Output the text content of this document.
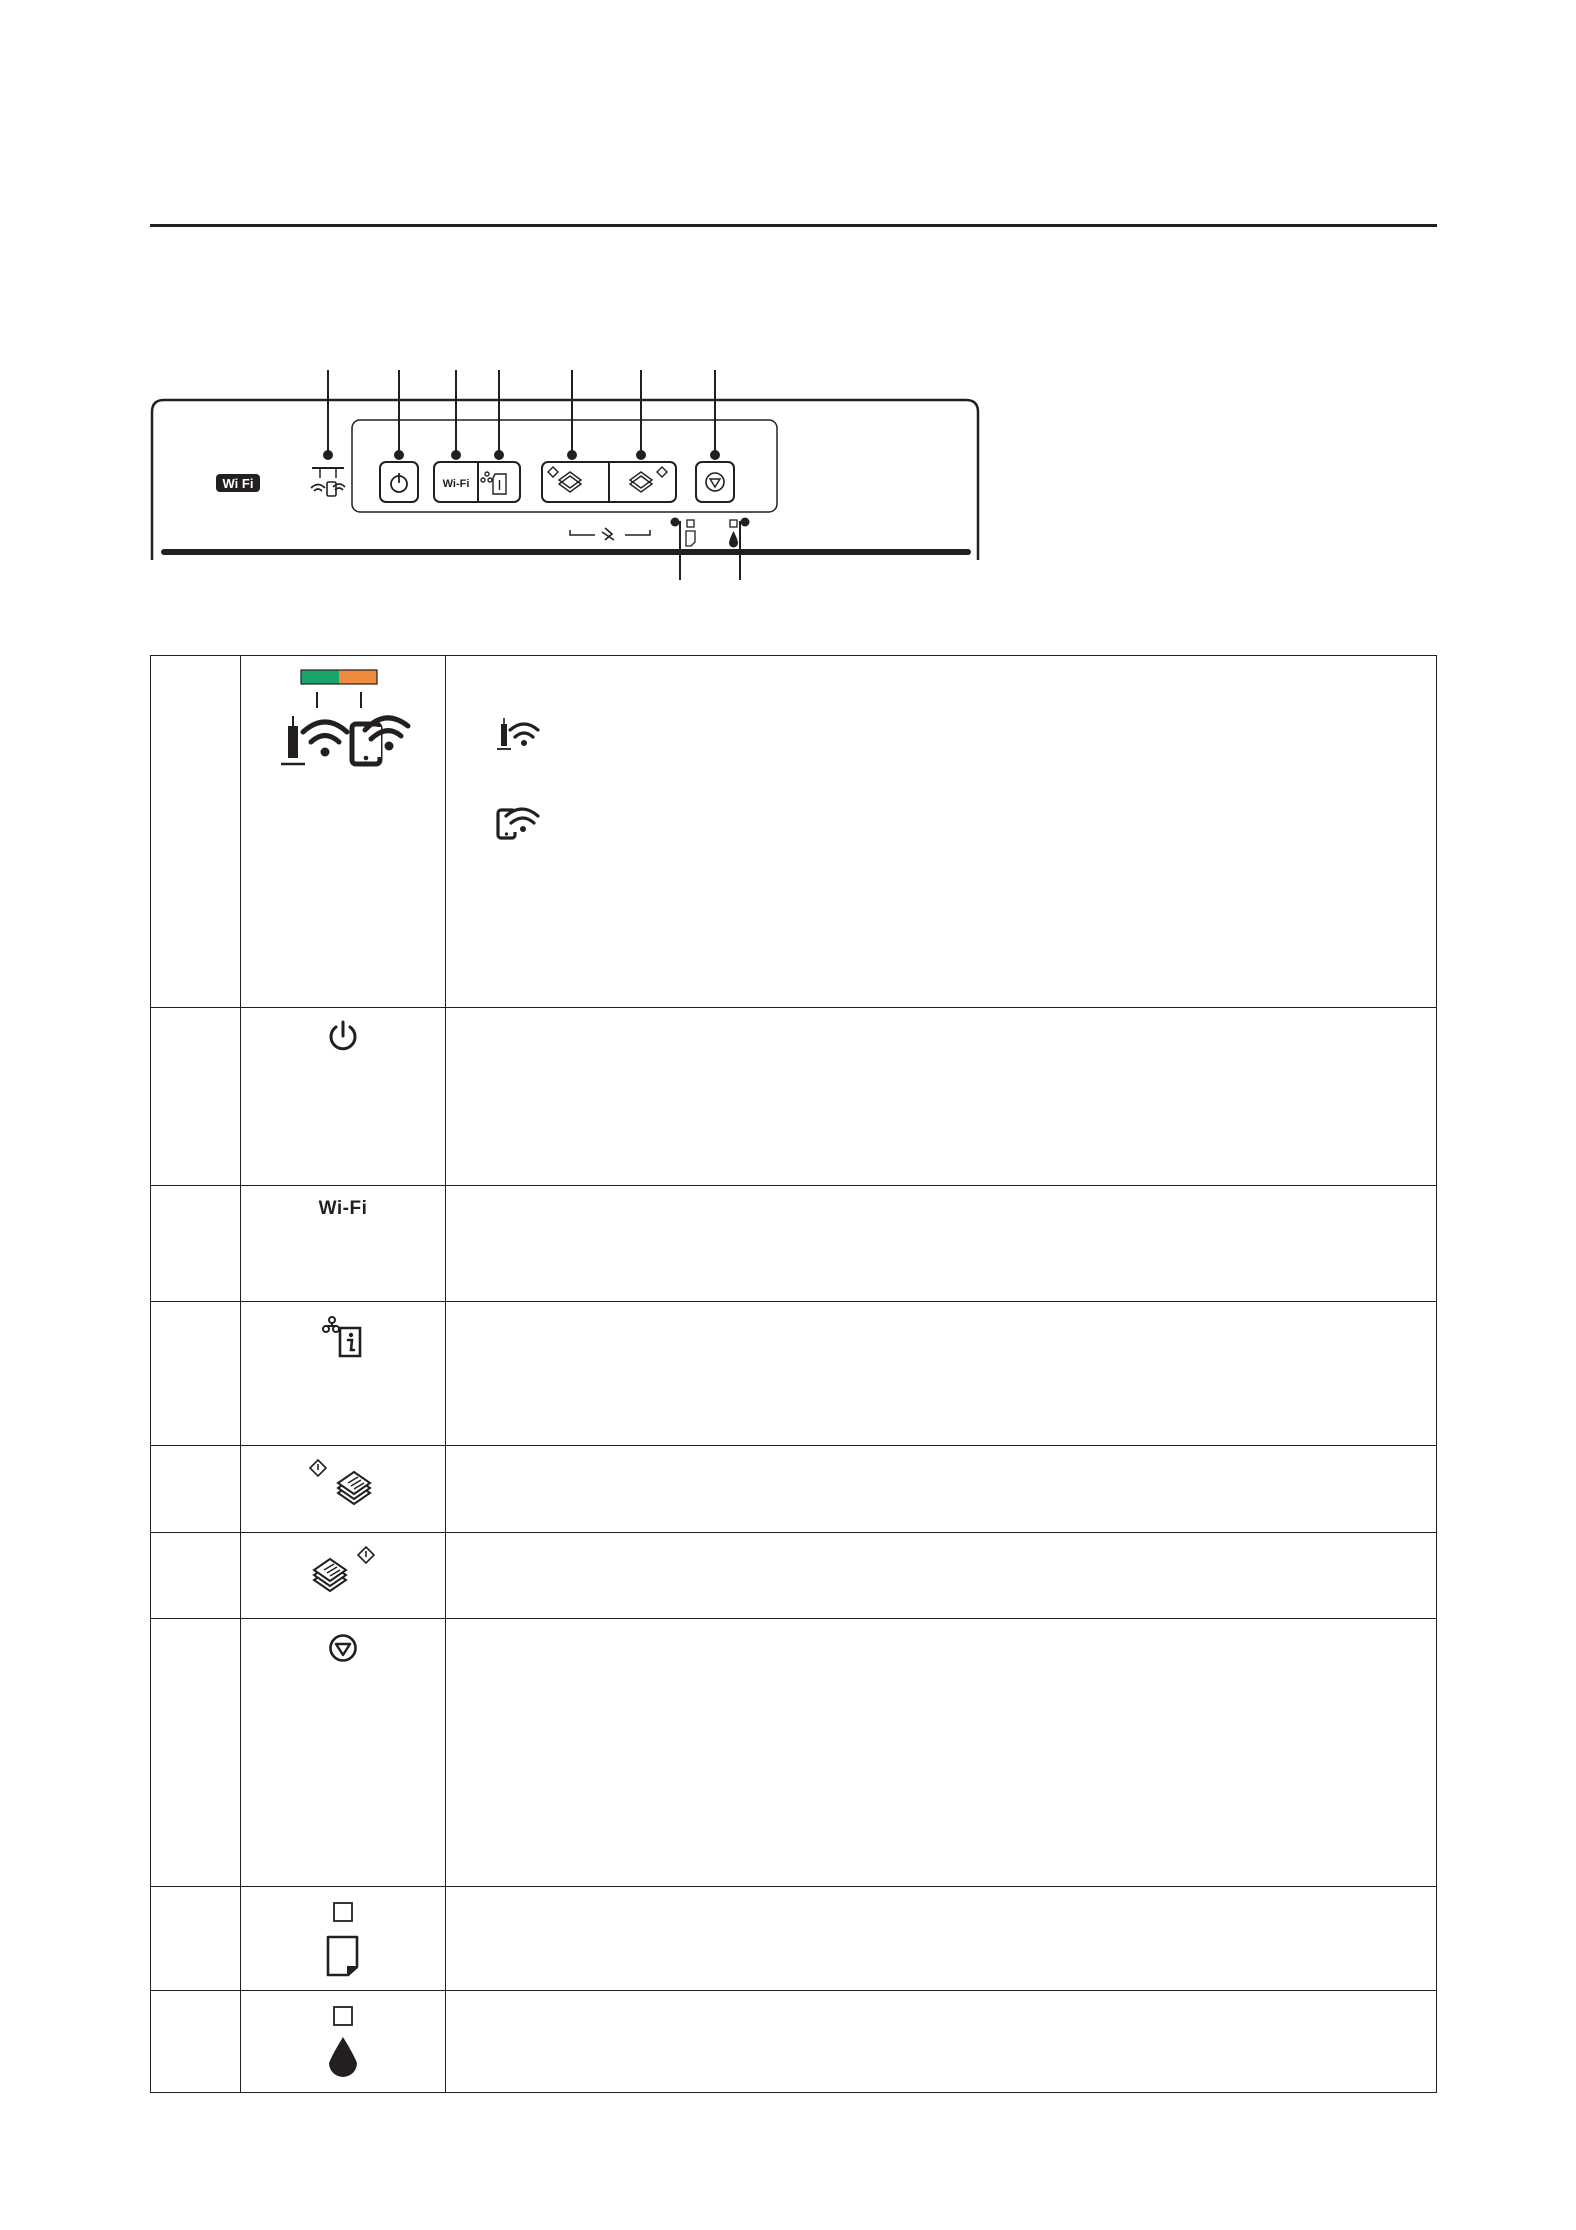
Wi Fi	Wi-Fi

	Wi-Fi	
